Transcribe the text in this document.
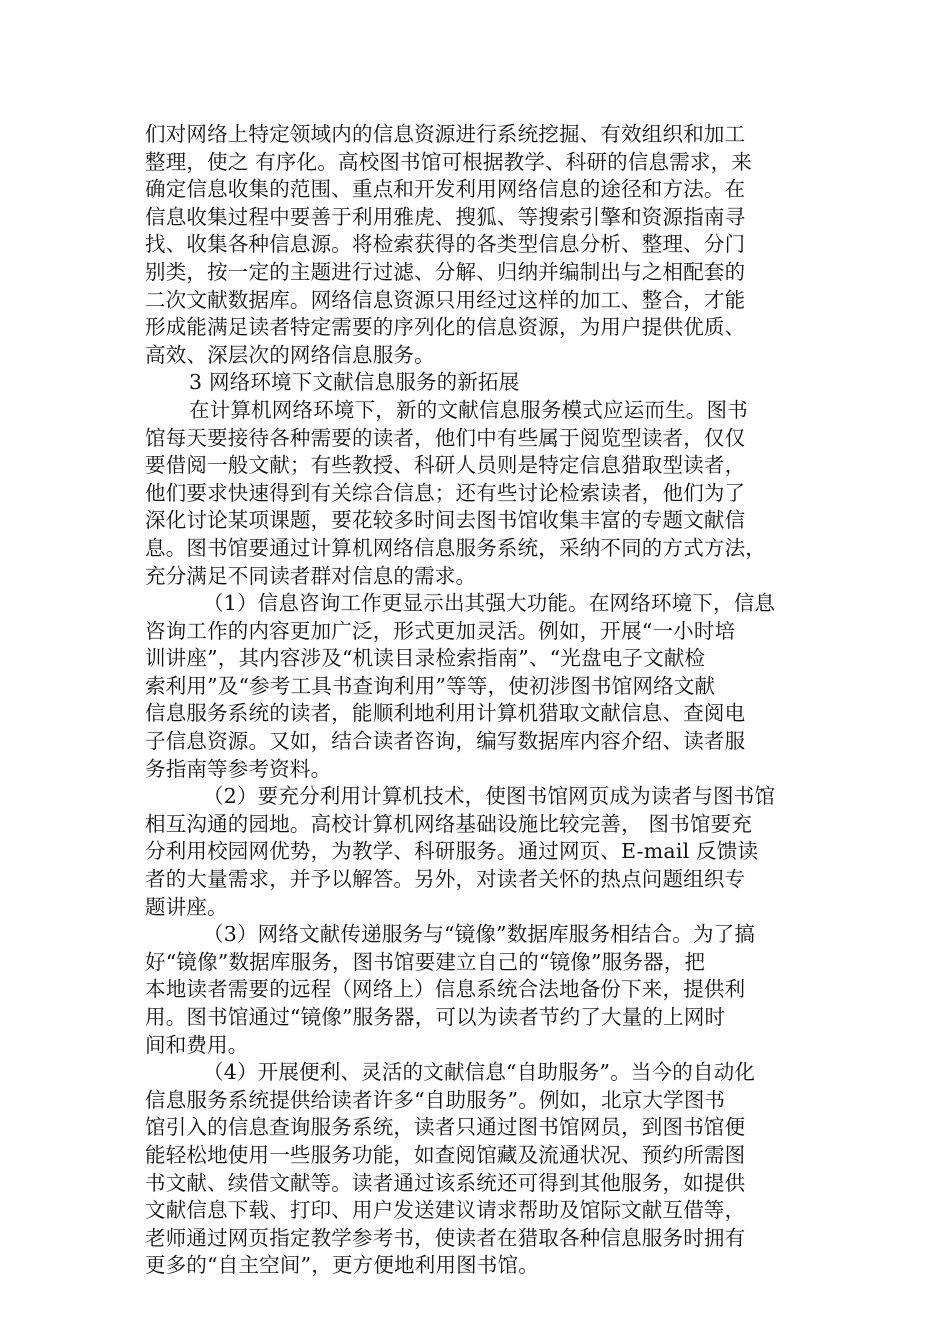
们对网络上特定领域内的信息资源进行系统挖掘、有效组织和加工
整理，使之 有序化。高校图书馆可根据教学、科研的信息需求，来
确定信息收集的范围、重点和开发利用网络信息的途径和方法。在
信息收集过程中要善于利用雅虎、搜狐、等搜索引擎和资源指南寻
找、收集各种信息源。将检索获得的各类型信息分析、整理、分门
别类，按一定的主题进行过滤、分解、归纳并编制出与之相配套的
二次文献数据库。网络信息资源只用经过这样的加工、整合，才能
形成能满足读者特定需要的序列化的信息资源，为用户提供优质、
高效、深层次的网络信息服务。
3 网络环境下文献信息服务的新拓展
在计算机网络环境下，新的文献信息服务模式应运而生。图书
馆每天要接待各种需要的读者，他们中有些属于阅览型读者，仅仅
要借阅一般文献；有些教授、科研人员则是特定信息猎取型读者，
他们要求快速得到有关综合信息；还有些讨论检索读者，他们为了
深化讨论某项课题，要花较多时间去图书馆收集丰富的专题文献信
息。图书馆要通过计算机网络信息服务系统，采纳不同的方式方法，
充分满足不同读者群对信息的需求。
（1）信息咨询工作更显示出其强大功能。在网络环境下，信息
咨询工作的内容更加广泛，形式更加灵活。例如，开展“一小时培
训讲座”，其内容涉及“机读目录检索指南”、“光盘电子文献检
索利用”及“参考工具书查询利用”等等，使初涉图书馆网络文献
信息服务系统的读者，能顺利地利用计算机猎取文献信息、查阅电
子信息资源。又如，结合读者咨询，编写数据库内容介绍、读者服
务指南等参考资料。
（2）要充分利用计算机技术，使图书馆网页成为读者与图书馆
相互沟通的园地。高校计算机网络基础设施比较完善， 图书馆要充
分利用校园网优势，为教学、科研服务。通过网页、E-mail 反馈读
者的大量需求，并予以解答。另外，对读者关怀的热点问题组织专
题讲座。
（3）网络文献传递服务与“镜像”数据库服务相结合。为了搞
好“镜像”数据库服务，图书馆要建立自己的“镜像”服务器，把
本地读者需要的远程（网络上）信息系统合法地备份下来，提供利
用。图书馆通过“镜像”服务器，可以为读者节约了大量的上网时
间和费用。
（4）开展便利、灵活的文献信息“自助服务”。当今的自动化
信息服务系统提供给读者许多“自助服务”。例如，北京大学图书
馆引入的信息查询服务系统，读者只通过图书馆网员，到图书馆便
能轻松地使用一些服务功能，如查阅馆藏及流通状况、预约所需图
书文献、续借文献等。读者通过该系统还可得到其他服务，如提供
文献信息下载、打印、用户发送建议请求帮助及馆际文献互借等，
老师通过网页指定教学参考书，使读者在猎取各种信息服务时拥有
更多的“自主空间”，更方便地利用图书馆。
